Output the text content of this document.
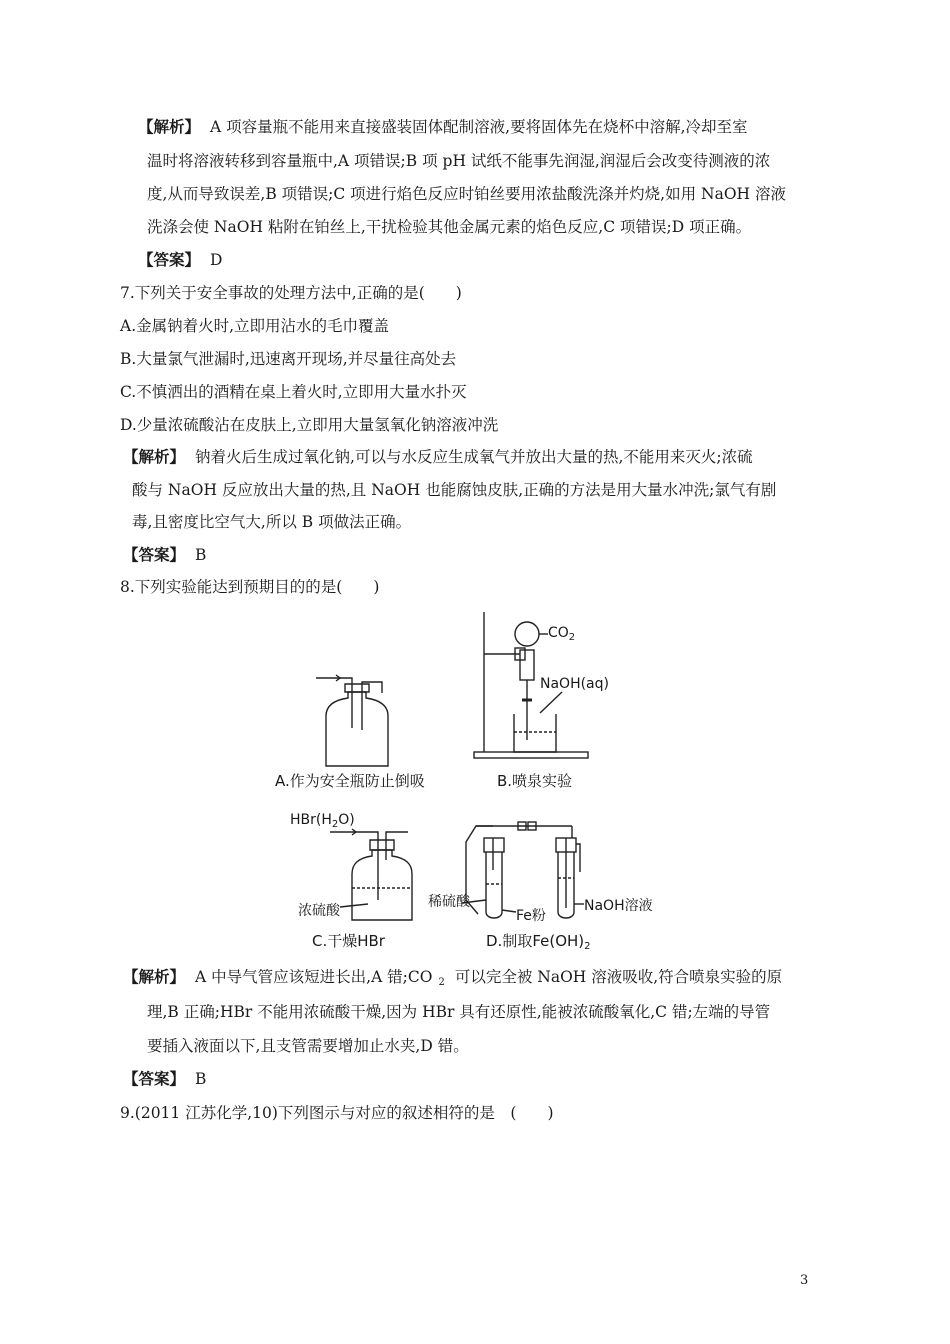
【解析】 A 项容量瓶不能用来直接盛装固体配制溶液,要将固体先在烧杯中溶解,冷却至室
温时将溶液转移到容量瓶中,A 项错误;B 项 pH 试纸不能事先润湿,润湿后会改变待测液的浓
度,从而导致误差,B 项错误;C 项进行焰色反应时铂丝要用浓盐酸洗涤并灼烧,如用 NaOH 溶液
洗涤会使 NaOH 粘附在铂丝上,干扰检验其他金属元素的焰色反应,C 项错误;D 项正确。
【答案】 D
7.下列关于安全事故的处理方法中,正确的是(　　)
A.金属钠着火时,立即用沾水的毛巾覆盖
B.大量氯气泄漏时,迅速离开现场,并尽量往高处去
C.不慎洒出的酒精在桌上着火时,立即用大量水扑灭
D.少量浓硫酸沾在皮肤上,立即用大量氢氧化钠溶液冲洗
【解析】 钠着火后生成过氧化钠,可以与水反应生成氧气并放出大量的热,不能用来灭火;浓硫
酸与 NaOH 反应放出大量的热,且 NaOH 也能腐蚀皮肤,正确的方法是用大量水冲洗;氯气有剧
毒,且密度比空气大,所以 B 项做法正确。
【答案】 B
8.下列实验能达到预期目的的是(　　)
A.作为安全瓶防止倒吸	B.喷泉实验
$CO_2$
NaOH(aq)
$HBr(H_2O)$
浓硫酸
稀硫酸
Fe粉
NaOH溶液
C.干燥HBr	D.制取$Fe(OH)_2$
【解析】 A 中导气管应该短进长出,A 错;CO $_2$ 可以完全被 NaOH 溶液吸收,符合喷泉实验的原
理,B 正确;HBr 不能用浓硫酸干燥,因为 HBr 具有还原性,能被浓硫酸氧化,C 错;左端的导管
要插入液面以下,且支管需要增加止水夹,D 错。
【答案】 B
9.(2011 江苏化学,10)下列图示与对应的叙述相符的是　(　　)
3
